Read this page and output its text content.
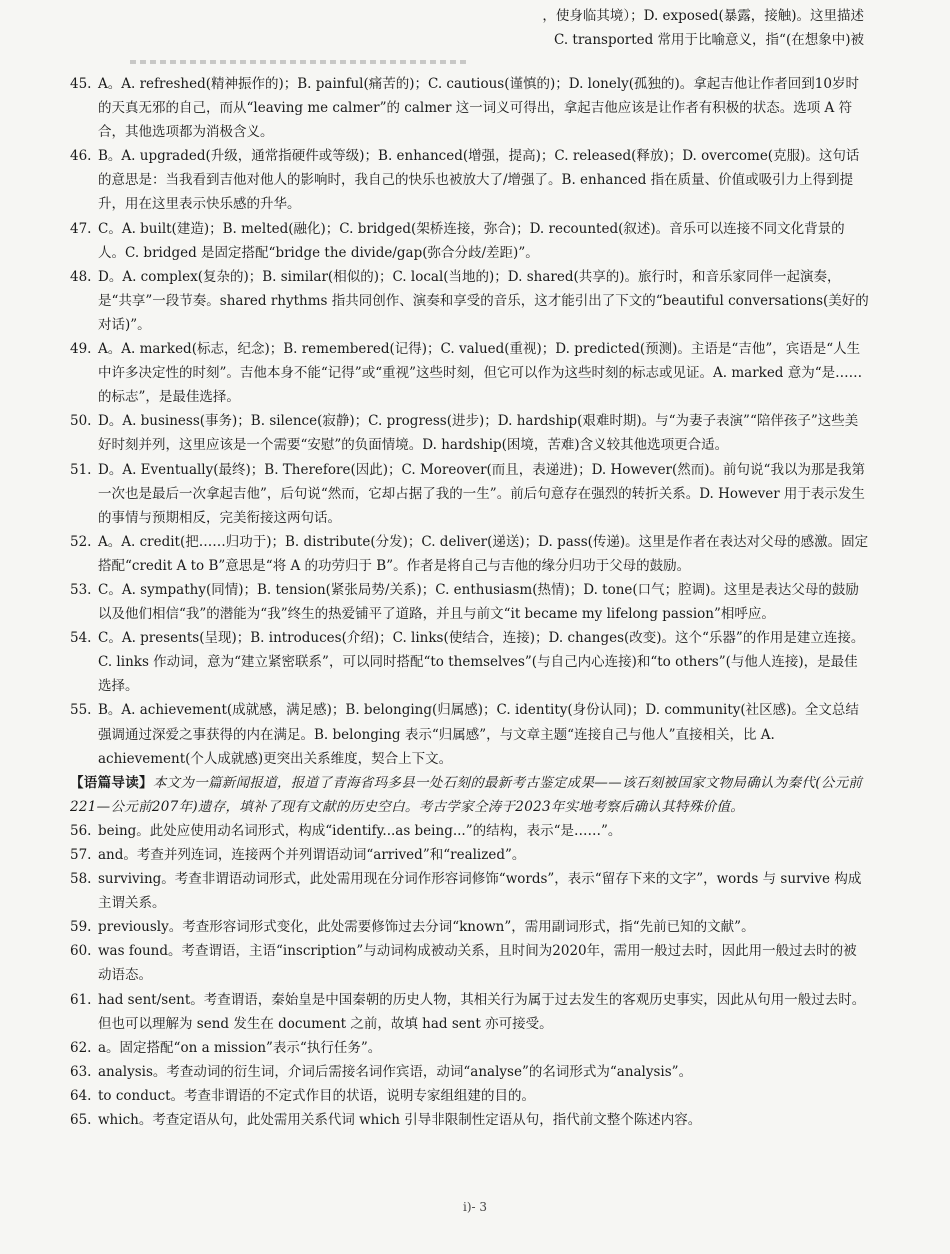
，使身临其境）；D. exposed(暴露，接触)。这里描述
C. transported 常用于比喻意义，指“(在想象中)被
45. A。A. refreshed(精神振作的)；B. painful(痛苦的)；C. cautious(谨慎的)；D. lonely(孤独的)。拿起吉他让作者回到10岁时的天真无邪的自己，而从“leaving me calmer”的 calmer 这一词义可得出，拿起吉他应该是让作者有积极的状态。选项 A 符合，其他选项都为消极含义。
46. B。A. upgraded(升级，通常指硬件或等级)；B. enhanced(增强，提高)；C. released(释放)；D. overcome(克服)。这句话的意思是：当我看到吉他对他人的影响时，我自己的快乐也被放大了/增强了。B. enhanced 指在质量、价值或吸引力上得到提升，用在这里表示快乐感的升华。
47. C。A. built(建造)；B. melted(融化)；C. bridged(架桥连接，弥合)；D. recounted(叙述)。音乐可以连接不同文化背景的人。C. bridged 是固定搭配“bridge the divide/gap(弥合分歧/差距)”。
48. D。A. complex(复杂的)；B. similar(相似的)；C. local(当地的)；D. shared(共享的)。旅行时，和音乐家同伴一起演奏，是“共享”一段节奏。shared rhythms 指共同创作、演奏和享受的音乐，这才能引出了下文的“beautiful conversations(美好的对话)”。
49. A。A. marked(标志，纪念)；B. remembered(记得)；C. valued(重视)；D. predicted(预测)。主语是“吉他”，宾语是“人生中许多决定性的时刻”。吉他本身不能“记得”或“重视”这些时刻，但它可以作为这些时刻的标志或见证。A. marked 意为“是……的标志”，是最佳选择。
50. D。A. business(事务)；B. silence(寂静)；C. progress(进步)；D. hardship(艰难时期)。与“为妻子表演”“陪伴孩子”这些美好时刻并列，这里应该是一个需要“安慰”的负面情境。D. hardship(困境，苦难)含义较其他选项更合适。
51. D。A. Eventually(最终)；B. Therefore(因此)；C. Moreover(而且，表递进)；D. However(然而)。前句说“我以为那是我第一次也是最后一次拿起吉他”，后句说“然而，它却占据了我的一生”。前后句意存在强烈的转折关系。D. However 用于表示发生的事情与预期相反，完美衔接这两句话。
52. A。A. credit(把……归功于)；B. distribute(分发)；C. deliver(递送)；D. pass(传递)。这里是作者在表达对父母的感激。固定搭配“credit A to B”意思是“将 A 的功劳归于 B”。作者是将自己与吉他的缘分归功于父母的鼓励。
53. C。A. sympathy(同情)；B. tension(紧张局势/关系)；C. enthusiasm(热情)；D. tone(口气；腔调)。这里是表达父母的鼓励以及他们相信“我”的潜能为“我”终生的热爱铺平了道路，并且与前文“it became my lifelong passion”相呼应。
54. C。A. presents(呈现)；B. introduces(介绍)；C. links(使结合，连接)；D. changes(改变)。这个“乐器”的作用是建立连接。C. links 作动词，意为“建立紧密联系”，可以同时搭配“to themselves”(与自己内心连接)和“to others”(与他人连接)，是最佳选择。
55. B。A. achievement(成就感，满足感)；B. belonging(归属感)；C. identity(身份认同)；D. community(社区感)。全文总结强调通过深爱之事获得的内在满足。B. belonging 表示“归属感”，与文章主题“连接自己与他人”直接相关，比 A. achievement(个人成就感)更突出关系维度，契合上下文。

【语篇导读】本文为一篇新闻报道，报道了青海省玛多县一处石刻的最新考古鉴定成果——该石刻被国家文物局确认为秦代(公元前221—公元前207年)遗存，填补了现有文献的历史空白。考古学家仝涛于2023年实地考察后确认其特殊价值。

56. being。此处应使用动名词形式，构成“identify...as being...”的结构，表示“是……”。
57. and。考查并列连词，连接两个并列谓语动词“arrived”和“realized”。
58. surviving。考查非谓语动词形式，此处需用现在分词作形容词修饰“words”，表示“留存下来的文字”，words 与 survive 构成主谓关系。
59. previously。考查形容词形式变化，此处需要修饰过去分词“known”，需用副词形式，指“先前已知的文献”。
60. was found。考查谓语，主语“inscription”与动词构成被动关系，且时间为2020年，需用一般过去时，因此用一般过去时的被动语态。
61. had sent/sent。考查谓语，秦始皇是中国秦朝的历史人物，其相关行为属于过去发生的客观历史事实，因此从句用一般过去时。但也可以理解为 send 发生在 document 之前，故填 had sent 亦可接受。
62. a。固定搭配“on a mission”表示“执行任务”。
63. analysis。考查动词的衍生词，介词后需接名词作宾语，动词“analyse”的名词形式为“analysis”。
64. to conduct。考查非谓语的不定式作目的状语，说明专家组组建的目的。
65. which。考查定语从句，此处需用关系代词 which 引导非限制性定语从句，指代前文整个陈述内容。
i)- 3
